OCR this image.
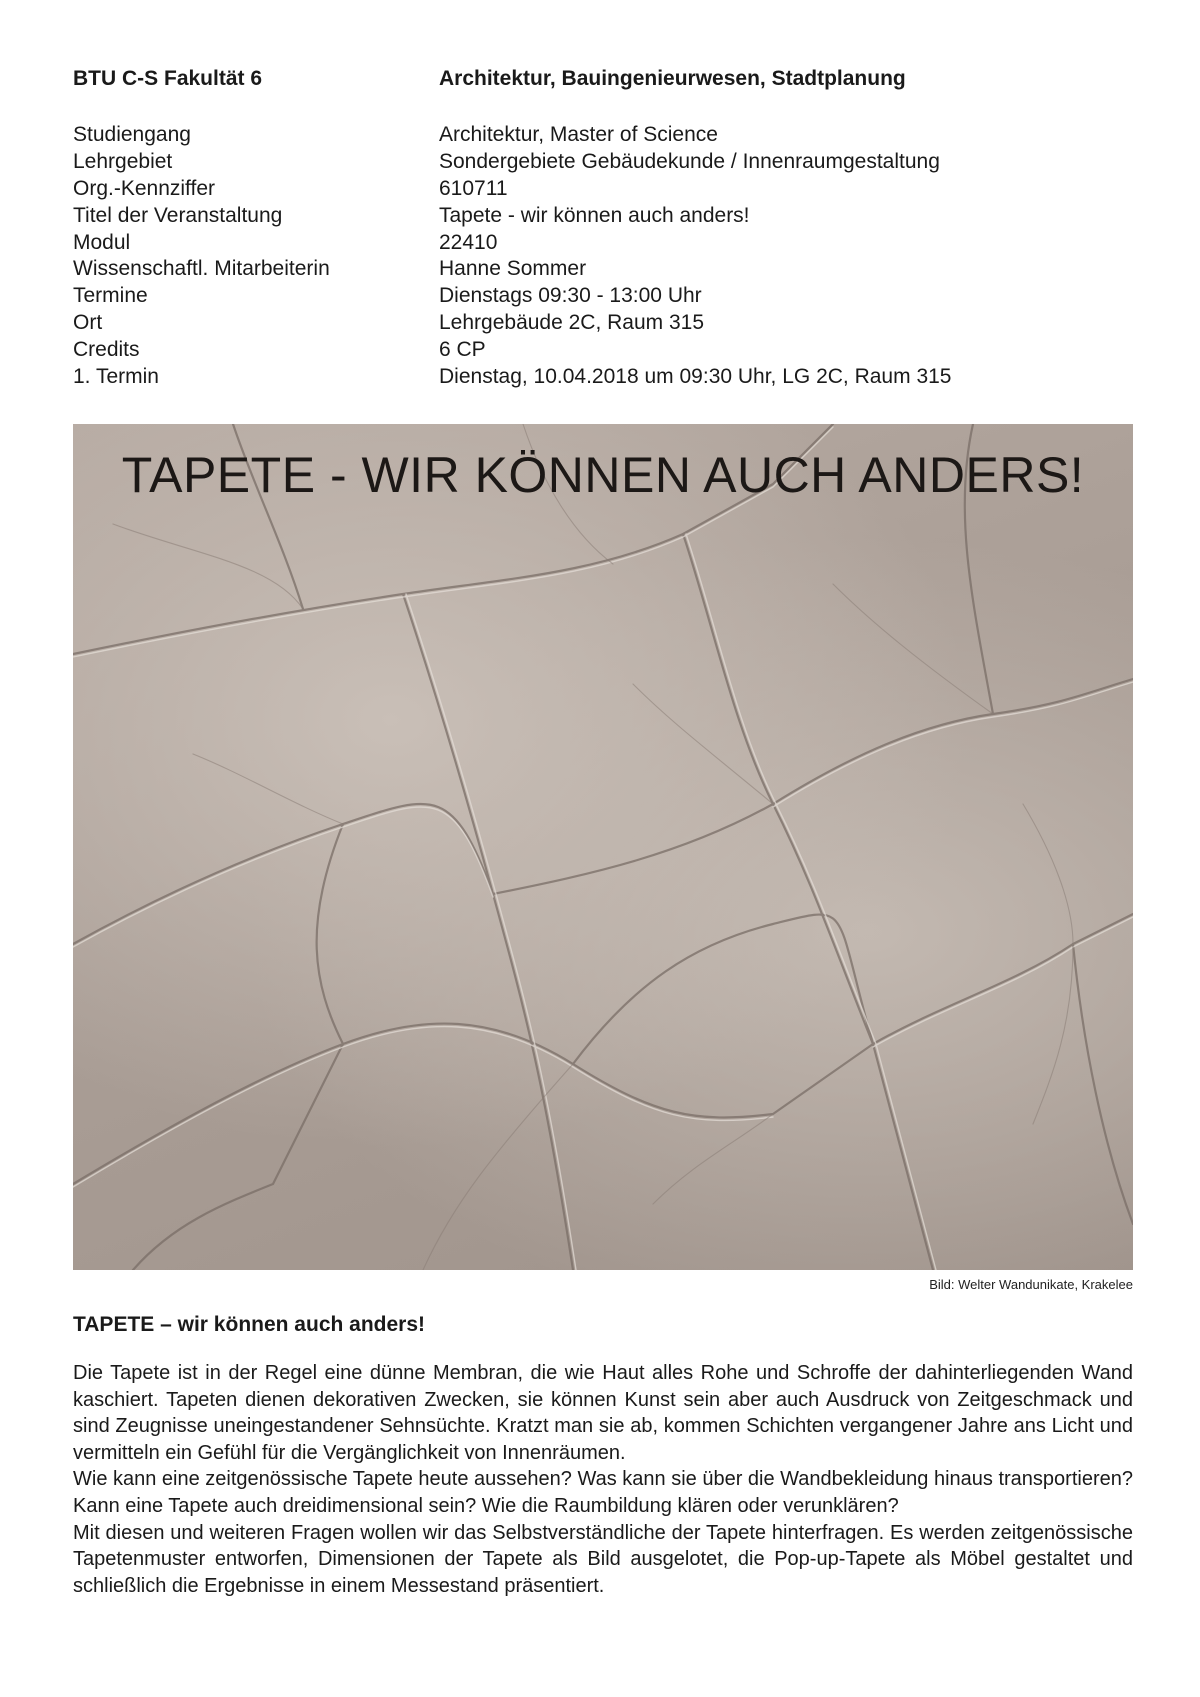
BTU C-S Fakultät 6	Architektur, Bauingenieurwesen, Stadtplanung
Studiengang	Architektur, Master of Science
Lehrgebiet	Sondergebiete Gebäudekunde / Innenraumgestaltung
Org.-Kennziffer	610711
Titel der Veranstaltung	Tapete - wir können auch anders!
Modul	22410
Wissenschaftl. Mitarbeiterin	Hanne Sommer
Termine	Dienstags 09:30 - 13:00 Uhr
Ort	Lehrgebäude 2C, Raum 315
Credits	6 CP
1. Termin	Dienstag, 10.04.2018 um 09:30 Uhr, LG 2C, Raum 315
TAPETE - WIR KÖNNEN AUCH ANDERS!
Bild: Welter Wandunikate, Krakelee
TAPETE – wir können auch anders!

Die Tapete ist in der Regel eine dünne Membran, die wie Haut alles Rohe und Schroffe der dahinterliegenden Wand kaschiert. Tapeten dienen dekorativen Zwecken, sie können Kunst sein aber auch Ausdruck von Zeitgeschmack und sind Zeugnisse uneingestandener Sehnsüchte. Kratzt man sie ab, kommen Schichten vergangener Jahre ans Licht und vermitteln ein Gefühl für die Vergänglichkeit von Innenräumen.

Wie kann eine zeitgenössische Tapete heute aussehen? Was kann sie über die Wandbekleidung hinaus transportieren? Kann eine Tapete auch dreidimensional sein? Wie die Raumbildung klären oder verunklären?

Mit diesen und weiteren Fragen wollen wir das Selbstverständliche der Tapete hinterfragen. Es werden zeitgenössische Tapetenmuster entworfen, Dimensionen der Tapete als Bild ausgelotet, die Pop-up-Tapete als Möbel gestaltet und schließlich die Ergebnisse in einem Messestand präsentiert.
